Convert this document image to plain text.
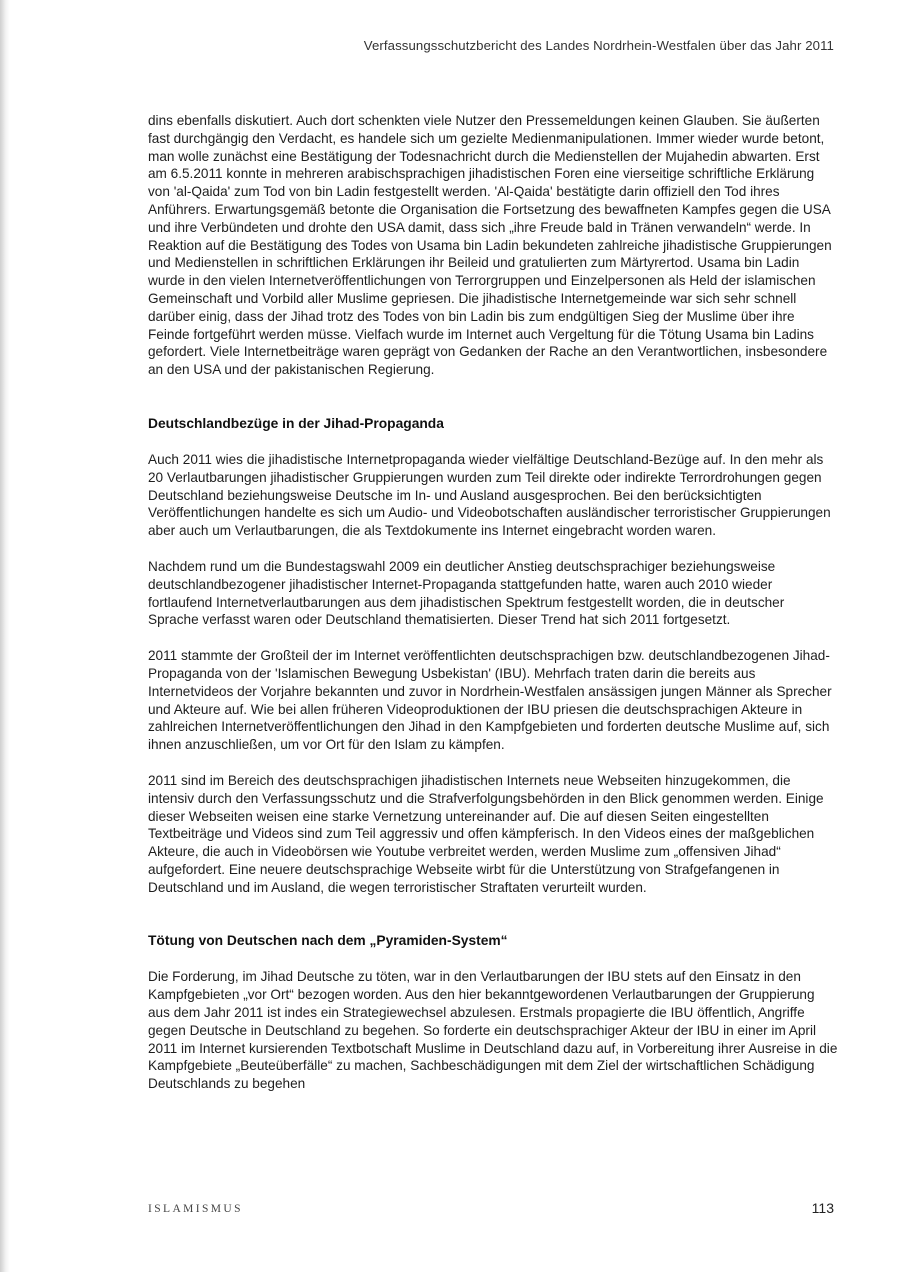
Verfassungsschutzbericht des Landes Nordrhein-Westfalen über das Jahr 2011

dins ebenfalls diskutiert. Auch dort schenkten viele Nutzer den Pressemeldungen keinen Glauben. Sie äußerten fast durchgängig den Verdacht, es handele sich um gezielte Medienmanipulationen. Immer wieder wurde betont, man wolle zunächst eine Bestätigung der Todesnachricht durch die Medienstellen der Mujahedin abwarten. Erst am 6.5.2011 konnte in mehreren arabischsprachigen jihadistischen Foren eine vierseitige schriftliche Erklärung von 'al-Qaida' zum Tod von bin Ladin festgestellt werden. 'Al-Qaida' bestätigte darin offiziell den Tod ihres Anführers. Erwartungsgemäß betonte die Organisation die Fortsetzung des bewaffneten Kampfes gegen die USA und ihre Verbündeten und drohte den USA damit, dass sich „ihre Freude bald in Tränen verwandeln“ werde. In Reaktion auf die Bestätigung des Todes von Usama bin Ladin bekundeten zahlreiche jihadistische Gruppierungen und Medienstellen in schriftlichen Erklärungen ihr Beileid und gratulierten zum Märtyrertod. Usama bin Ladin wurde in den vielen Internetveröffentlichungen von Terrorgruppen und Einzelpersonen als Held der islamischen Gemeinschaft und Vorbild aller Muslime gepriesen. Die jihadistische Internetgemeinde war sich sehr schnell darüber einig, dass der Jihad trotz des Todes von bin Ladin bis zum endgültigen Sieg der Muslime über ihre Feinde fortgeführt werden müsse. Vielfach wurde im Internet auch Vergeltung für die Tötung Usama bin Ladins gefordert. Viele Internetbeiträge waren geprägt von Gedanken der Rache an den Verantwortlichen, insbesondere an den USA und der pakistanischen Regierung.

Deutschlandbezüge in der Jihad-Propaganda

Auch 2011 wies die jihadistische Internetpropaganda wieder vielfältige Deutschland-Bezüge auf. In den mehr als 20 Verlautbarungen jihadistischer Gruppierungen wurden zum Teil direkte oder indirekte Terrordrohungen gegen Deutschland beziehungsweise Deutsche im In- und Ausland ausgesprochen. Bei den berücksichtigten Veröffentlichungen handelte es sich um Audio- und Videobotschaften ausländischer terroristischer Gruppierungen aber auch um Verlautbarungen, die als Textdokumente ins Internet eingebracht worden waren.

Nachdem rund um die Bundestagswahl 2009 ein deutlicher Anstieg deutschsprachiger beziehungsweise deutschlandbezogener jihadistischer Internet-Propaganda stattgefunden hatte, waren auch 2010 wieder fortlaufend Internetverlautbarungen aus dem jihadistischen Spektrum festgestellt worden, die in deutscher Sprache verfasst waren oder Deutschland thematisierten. Dieser Trend hat sich 2011 fortgesetzt.

2011 stammte der Großteil der im Internet veröffentlichten deutschsprachigen bzw. deutschlandbezogenen Jihad-Propaganda von der 'Islamischen Bewegung Usbekistan' (IBU). Mehrfach traten darin die bereits aus Internetvideos der Vorjahre bekannten und zuvor in Nordrhein-Westfalen ansässigen jungen Männer als Sprecher und Akteure auf. Wie bei allen früheren Videoproduktionen der IBU priesen die deutschsprachigen Akteure in zahlreichen Internetveröffentlichungen den Jihad in den Kampfgebieten und forderten deutsche Muslime auf, sich ihnen anzuschließen, um vor Ort für den Islam zu kämpfen.

2011 sind im Bereich des deutschsprachigen jihadistischen Internets neue Webseiten hinzugekommen, die intensiv durch den Verfassungsschutz und die Strafverfolgungsbehörden in den Blick genommen werden. Einige dieser Webseiten weisen eine starke Vernetzung untereinander auf. Die auf diesen Seiten eingestellten Textbeiträge und Videos sind zum Teil aggressiv und offen kämpferisch. In den Videos eines der maßgeblichen Akteure, die auch in Videobörsen wie Youtube verbreitet werden, werden Muslime zum „offensiven Jihad“ aufgefordert. Eine neuere deutschsprachige Webseite wirbt für die Unterstützung von Strafgefangenen in Deutschland und im Ausland, die wegen terroristischer Straftaten verurteilt wurden.

Tötung von Deutschen nach dem „Pyramiden-System“

Die Forderung, im Jihad Deutsche zu töten, war in den Verlautbarungen der IBU stets auf den Einsatz in den Kampfgebieten „vor Ort“ bezogen worden. Aus den hier bekanntgewordenen Verlautbarungen der Gruppierung aus dem Jahr 2011 ist indes ein Strategiewechsel abzulesen. Erstmals propagierte die IBU öffentlich, Angriffe gegen Deutsche in Deutschland zu begehen. So forderte ein deutschsprachiger Akteur der IBU in einer im April 2011 im Internet kursierenden Textbotschaft Muslime in Deutschland dazu auf, in Vorbereitung ihrer Ausreise in die Kampfgebiete „Beuteüberfälle“ zu machen, Sachbeschädigungen mit dem Ziel der wirtschaftlichen Schädigung Deutschlands zu begehen

ISLAMISMUS	113
